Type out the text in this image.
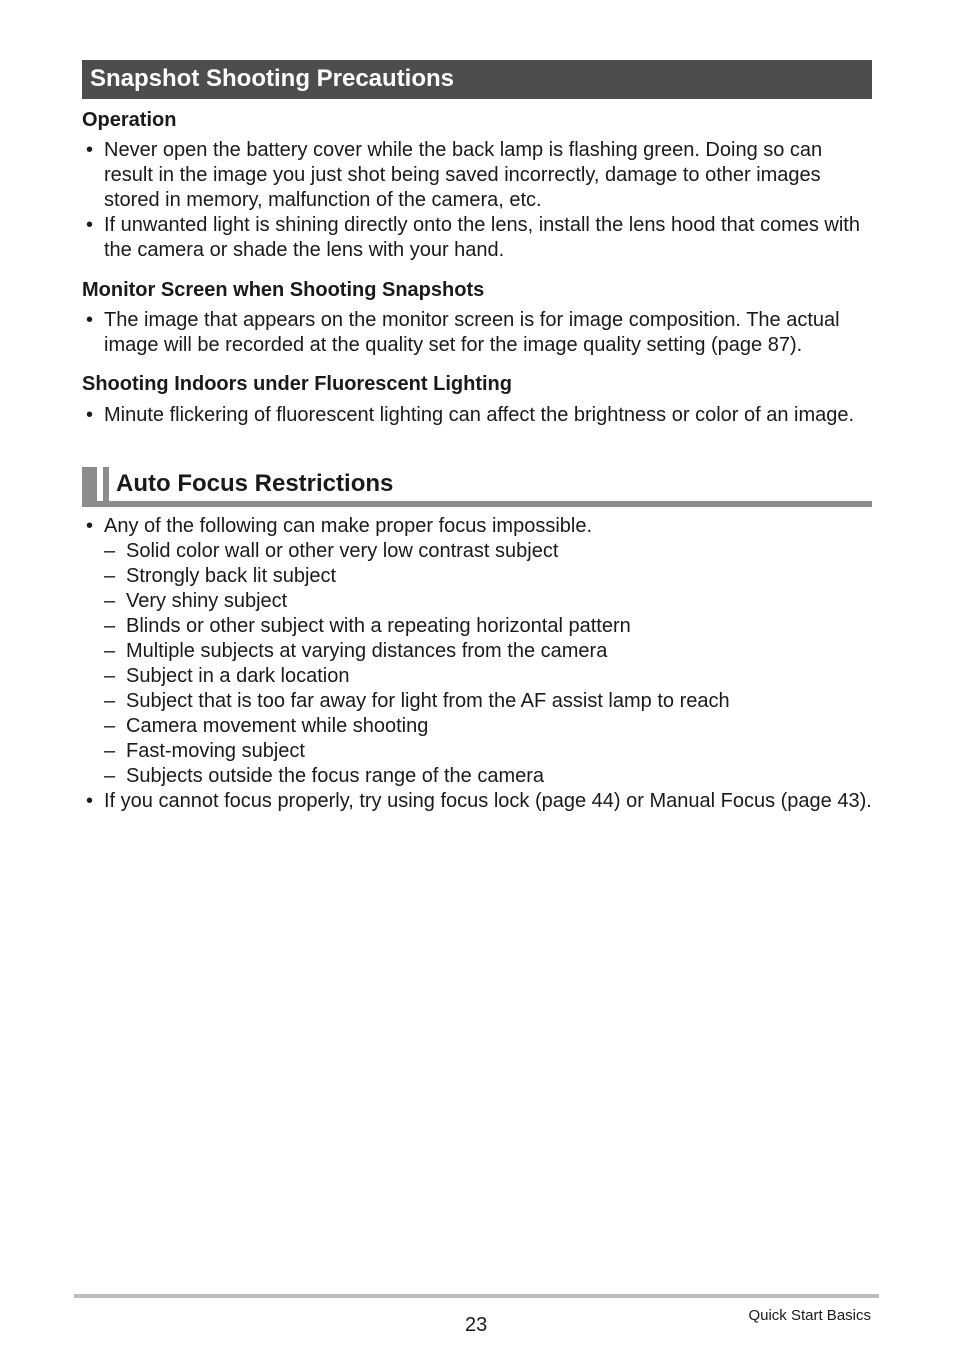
Snapshot Shooting Precautions
Operation
• Never open the battery cover while the back lamp is flashing green. Doing so can result in the image you just shot being saved incorrectly, damage to other images stored in memory, malfunction of the camera, etc.
• If unwanted light is shining directly onto the lens, install the lens hood that comes with the camera or shade the lens with your hand.
Monitor Screen when Shooting Snapshots
• The image that appears on the monitor screen is for image composition. The actual image will be recorded at the quality set for the image quality setting (page 87).
Shooting Indoors under Fluorescent Lighting
• Minute flickering of fluorescent lighting can affect the brightness or color of an image.
Auto Focus Restrictions
• Any of the following can make proper focus impossible.
– Solid color wall or other very low contrast subject
– Strongly back lit subject
– Very shiny subject
– Blinds or other subject with a repeating horizontal pattern
– Multiple subjects at varying distances from the camera
– Subject in a dark location
– Subject that is too far away for light from the AF assist lamp to reach
– Camera movement while shooting
– Fast-moving subject
– Subjects outside the focus range of the camera
• If you cannot focus properly, try using focus lock (page 44) or Manual Focus (page 43).
23	Quick Start Basics
